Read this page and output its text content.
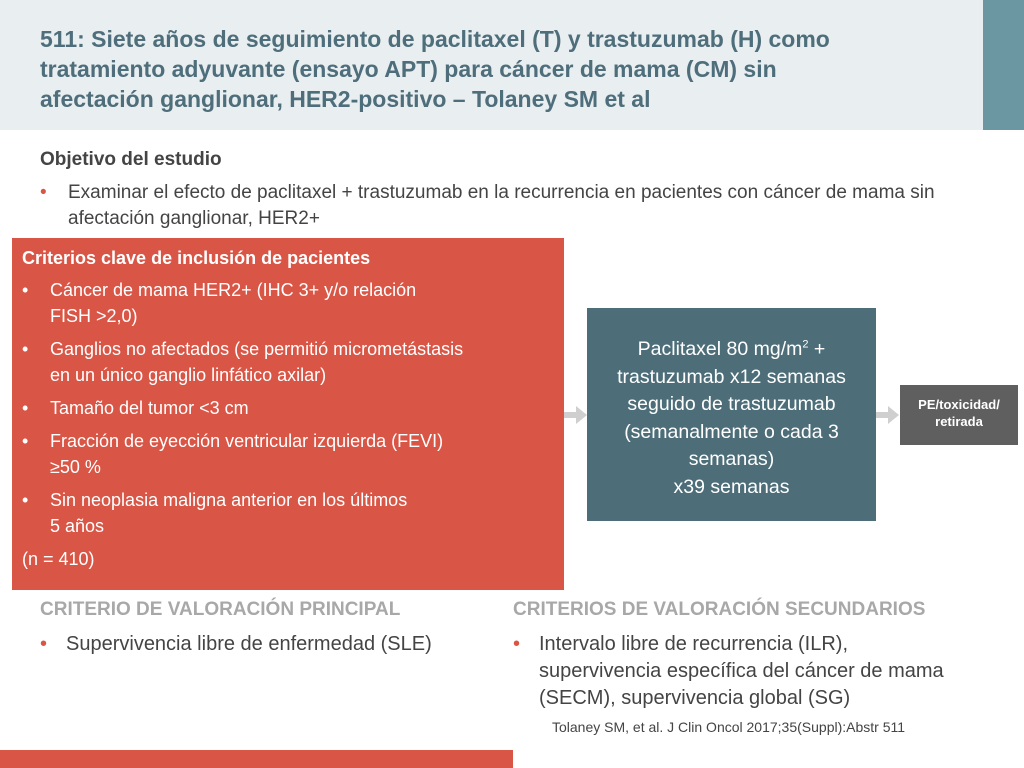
511: Siete años de seguimiento de paclitaxel (T) y trastuzumab (H) como
tratamiento adyuvante (ensayo APT) para cáncer de mama (CM) sin
afectación ganglionar, HER2-positivo – Tolaney SM et al
Objetivo del estudio
•	Examinar el efecto de paclitaxel + trastuzumab en la recurrencia en pacientes con cáncer de mama sin afectación ganglionar, HER2+
Criterios clave de inclusión de pacientes
•	Cáncer de mama HER2+ (IHC 3+ y/o relación
FISH >2,0)
•	Ganglios no afectados (se permitió micrometástasis
en un único ganglio linfático axilar)
•	Tamaño del tumor <3 cm
•	Fracción de eyección ventricular izquierda (FEVI)
≥50 %
•	Sin neoplasia maligna anterior en los últimos
5 años
(n = 410)
Paclitaxel 80 $mg/m^2$ +
trastuzumab x12 semanas
seguido de trastuzumab
(semanalmente o cada 3
semanas)
x39 semanas
PE/toxicidad/
retirada
CRITERIO DE VALORACIÓN PRINCIPAL
• Supervivencia libre de enfermedad (SLE)
CRITERIOS DE VALORACIÓN SECUNDARIOS
• Intervalo libre de recurrencia (ILR),
supervivencia específica del cáncer de mama
(SECM), supervivencia global (SG)
Tolaney SM, et al. J Clin Oncol 2017;35(Suppl):Abstr 511
